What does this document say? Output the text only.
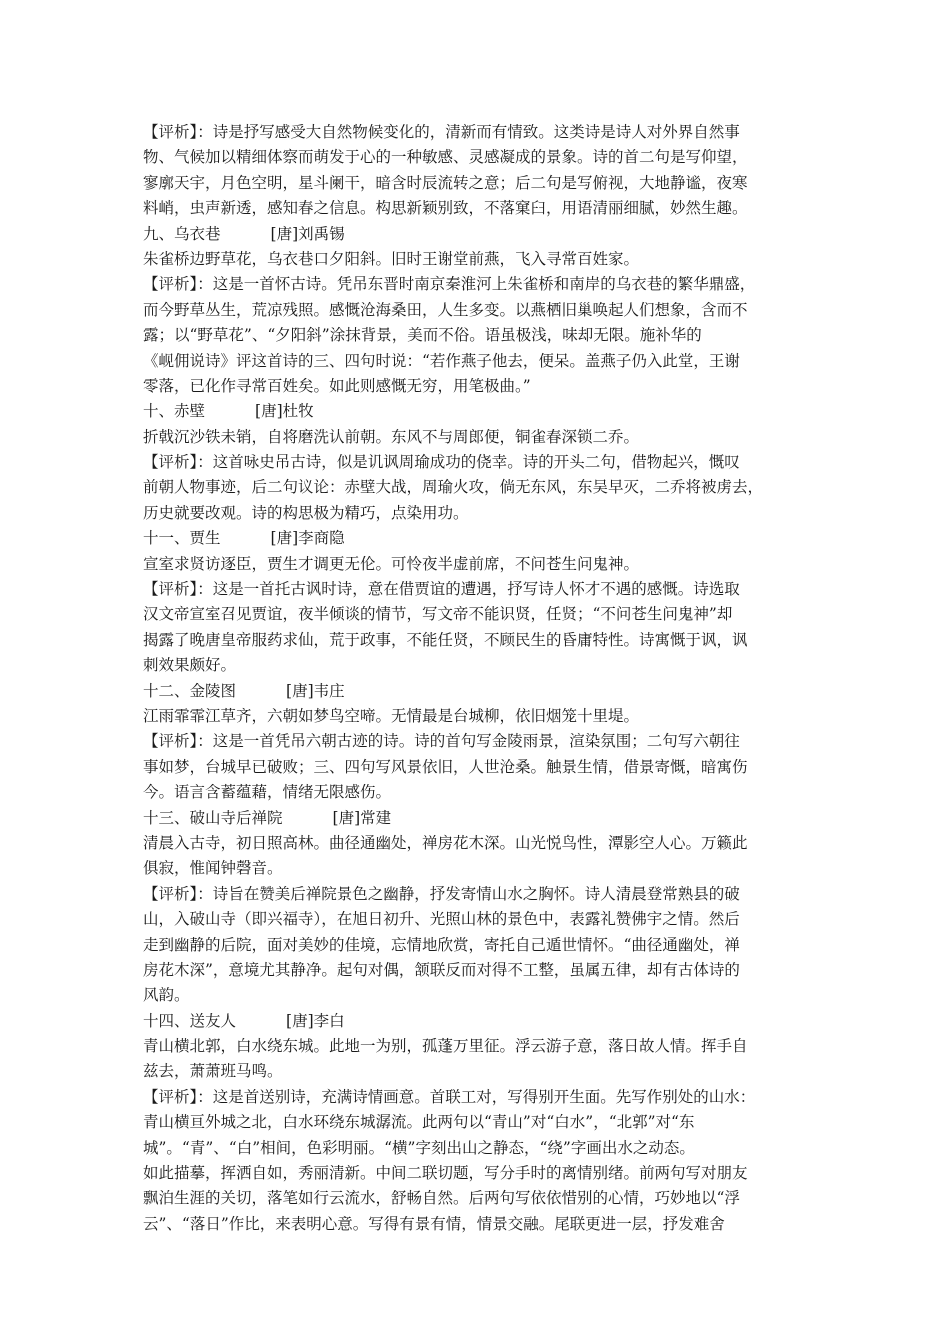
【评析】：诗是抒写感受大自然物候变化的，清新而有情致。这类诗是诗人对外界自然事
物、气候加以精细体察而萌发于心的一种敏感、灵感凝成的景象。诗的首二句是写仰望，
寥廓天宇，月色空明，星斗阑干，暗含时辰流转之意；后二句是写俯视，大地静谧，夜寒
料峭，虫声新透，感知春之信息。构思新颖别致，不落窠臼，用语清丽细腻，妙然生趣。
九、乌衣巷	[唐]刘禹锡
朱雀桥边野草花，乌衣巷口夕阳斜。旧时王谢堂前燕，飞入寻常百姓家。
【评析】：这是一首怀古诗。凭吊东晋时南京秦淮河上朱雀桥和南岸的乌衣巷的繁华鼎盛，
而今野草丛生，荒凉残照。感慨沧海桑田，人生多变。以燕栖旧巢唤起人们想象，含而不
露；以“野草花”、“夕阳斜”涂抹背景，美而不俗。语虽极浅，味却无限。施补华的
《岘佣说诗》评这首诗的三、四句时说：“若作燕子他去，便呆。盖燕子仍入此堂，王谢
零落，已化作寻常百姓矣。如此则感慨无穷，用笔极曲。”
十、赤壁	[唐]杜牧
折戟沉沙铁未销，自将磨洗认前朝。东风不与周郎便，铜雀春深锁二乔。
【评析】：这首咏史吊古诗，似是讥讽周瑜成功的侥幸。诗的开头二句，借物起兴，慨叹
前朝人物事迹，后二句议论：赤壁大战，周瑜火攻，倘无东风，东吴早灭，二乔将被虏去，
历史就要改观。诗的构思极为精巧，点染用功。
十一、贾生	[唐]李商隐
宣室求贤访逐臣，贾生才调更无伦。可怜夜半虚前席，不问苍生问鬼神。
【评析】：这是一首托古讽时诗，意在借贾谊的遭遇，抒写诗人怀才不遇的感慨。诗选取
汉文帝宣室召见贾谊，夜半倾谈的情节，写文帝不能识贤，任贤；“不问苍生问鬼神”却
揭露了晚唐皇帝服药求仙，荒于政事，不能任贤，不顾民生的昏庸特性。诗寓慨于讽，讽
刺效果颇好。
十二、金陵图	[唐]韦庄
江雨霏霏江草齐，六朝如梦鸟空啼。无情最是台城柳，依旧烟笼十里堤。
【评析】：这是一首凭吊六朝古迹的诗。诗的首句写金陵雨景，渲染氛围；二句写六朝往
事如梦，台城早已破败；三、四句写风景依旧，人世沧桑。触景生情，借景寄慨，暗寓伤
今。语言含蓄蕴藉，情绪无限感伤。
十三、破山寺后禅院	[唐]常建
清晨入古寺，初日照高林。曲径通幽处，禅房花木深。山光悦鸟性，潭影空人心。万籁此
俱寂，惟闻钟磬音。
【评析】：诗旨在赞美后禅院景色之幽静，抒发寄情山水之胸怀。诗人清晨登常熟县的破
山，入破山寺（即兴福寺），在旭日初升、光照山林的景色中，表露礼赞佛宇之情。然后
走到幽静的后院，面对美妙的佳境，忘情地欣赏，寄托自己遁世情怀。“曲径通幽处，禅
房花木深”，意境尤其静净。起句对偶，颔联反而对得不工整，虽属五律，却有古体诗的
风韵。
十四、送友人	[唐]李白
青山横北郭，白水绕东城。此地一为别，孤蓬万里征。浮云游子意，落日故人情。挥手自
兹去，萧萧班马鸣。
【评析】：这是首送别诗，充满诗情画意。首联工对，写得别开生面。先写作别处的山水：
青山横亘外城之北，白水环绕东城潺流。此两句以“青山”对“白水”，“北郭”对“东
城”。“青”、“白”相间，色彩明丽。“横”字刻出山之静态，“绕”字画出水之动态。
如此描摹，挥洒自如，秀丽清新。中间二联切题，写分手时的离情别绪。前两句写对朋友
飘泊生涯的关切，落笔如行云流水，舒畅自然。后两句写依依惜别的心情，巧妙地以“浮
云”、“落日”作比，来表明心意。写得有景有情，情景交融。尾联更进一层，抒发难舍
